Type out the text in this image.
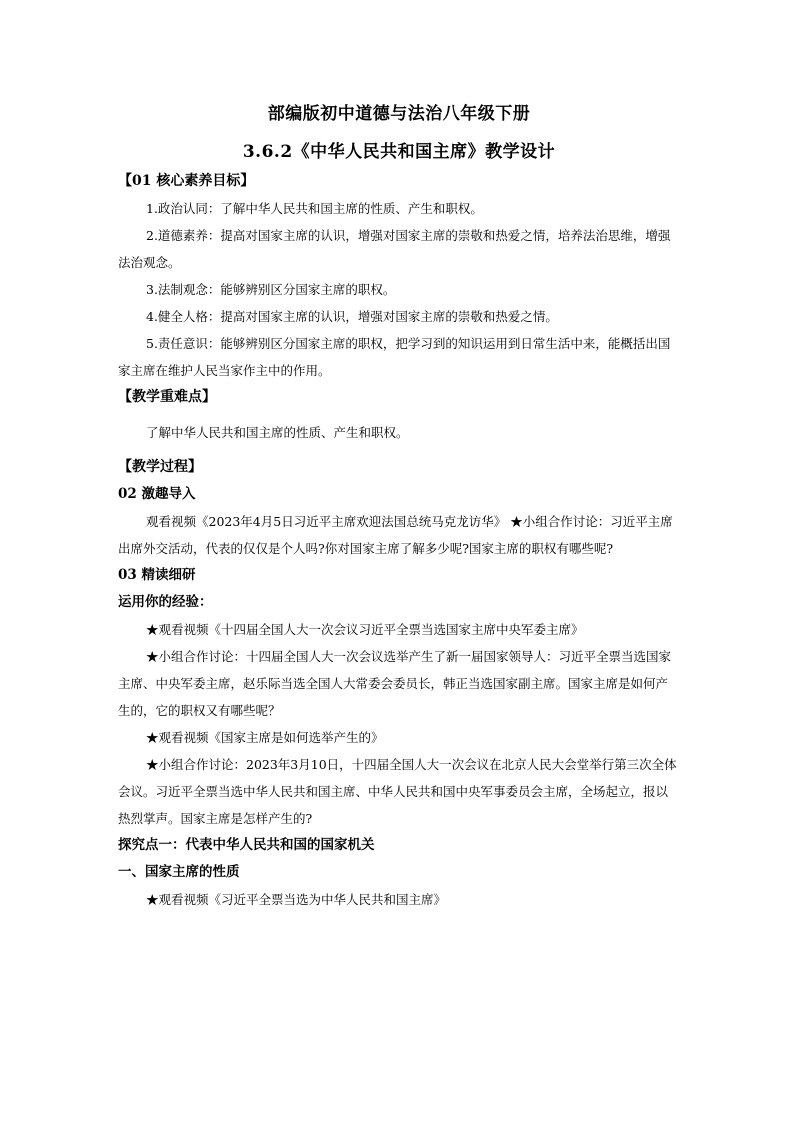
部编版初中道德与法治八年级下册

3.6.2《中华人民共和国主席》教学设计

【01 核心素养目标】

1.政治认同：了解中华人民共和国主席的性质、产生和职权。

2.道德素养：提高对国家主席的认识，增强对国家主席的崇敬和热爱之情，培养法治思维，增强法治观念。

3.法制观念：能够辨别区分国家主席的职权。

4.健全人格：提高对国家主席的认识，增强对国家主席的崇敬和热爱之情。

5.责任意识：能够辨别区分国家主席的职权，把学习到的知识运用到日常生活中来，能概括出国家主席在维护人民当家作主中的作用。

【教学重难点】

了解中华人民共和国主席的性质、产生和职权。

【教学过程】

02 激趣导入

观看视频《2023年4月5日习近平主席欢迎法国总统马克龙访华》 ★小组合作讨论：习近平主席出席外交活动，代表的仅仅是个人吗?你对国家主席了解多少呢?国家主席的职权有哪些呢?

03 精读细研

运用你的经验：

★观看视频《十四届全国人大一次会议习近平全票当选国家主席中央军委主席》

★小组合作讨论：十四届全国人大一次会议选举产生了新一届国家领导人：习近平全票当选国家主席、中央军委主席，赵乐际当选全国人大常委会委员长，韩正当选国家副主席。国家主席是如何产生的，它的职权又有哪些呢？

★观看视频《国家主席是如何选举产生的》

★小组合作讨论：2023年3月10日，十四届全国人大一次会议在北京人民大会堂举行第三次全体会议。习近平全票当选中华人民共和国主席、中华人民共和国中央军事委员会主席，全场起立，报以热烈掌声。国家主席是怎样产生的?

探究点一：代表中华人民共和国的国家机关

一、国家主席的性质

★观看视频《习近平全票当选为中华人民共和国主席》
